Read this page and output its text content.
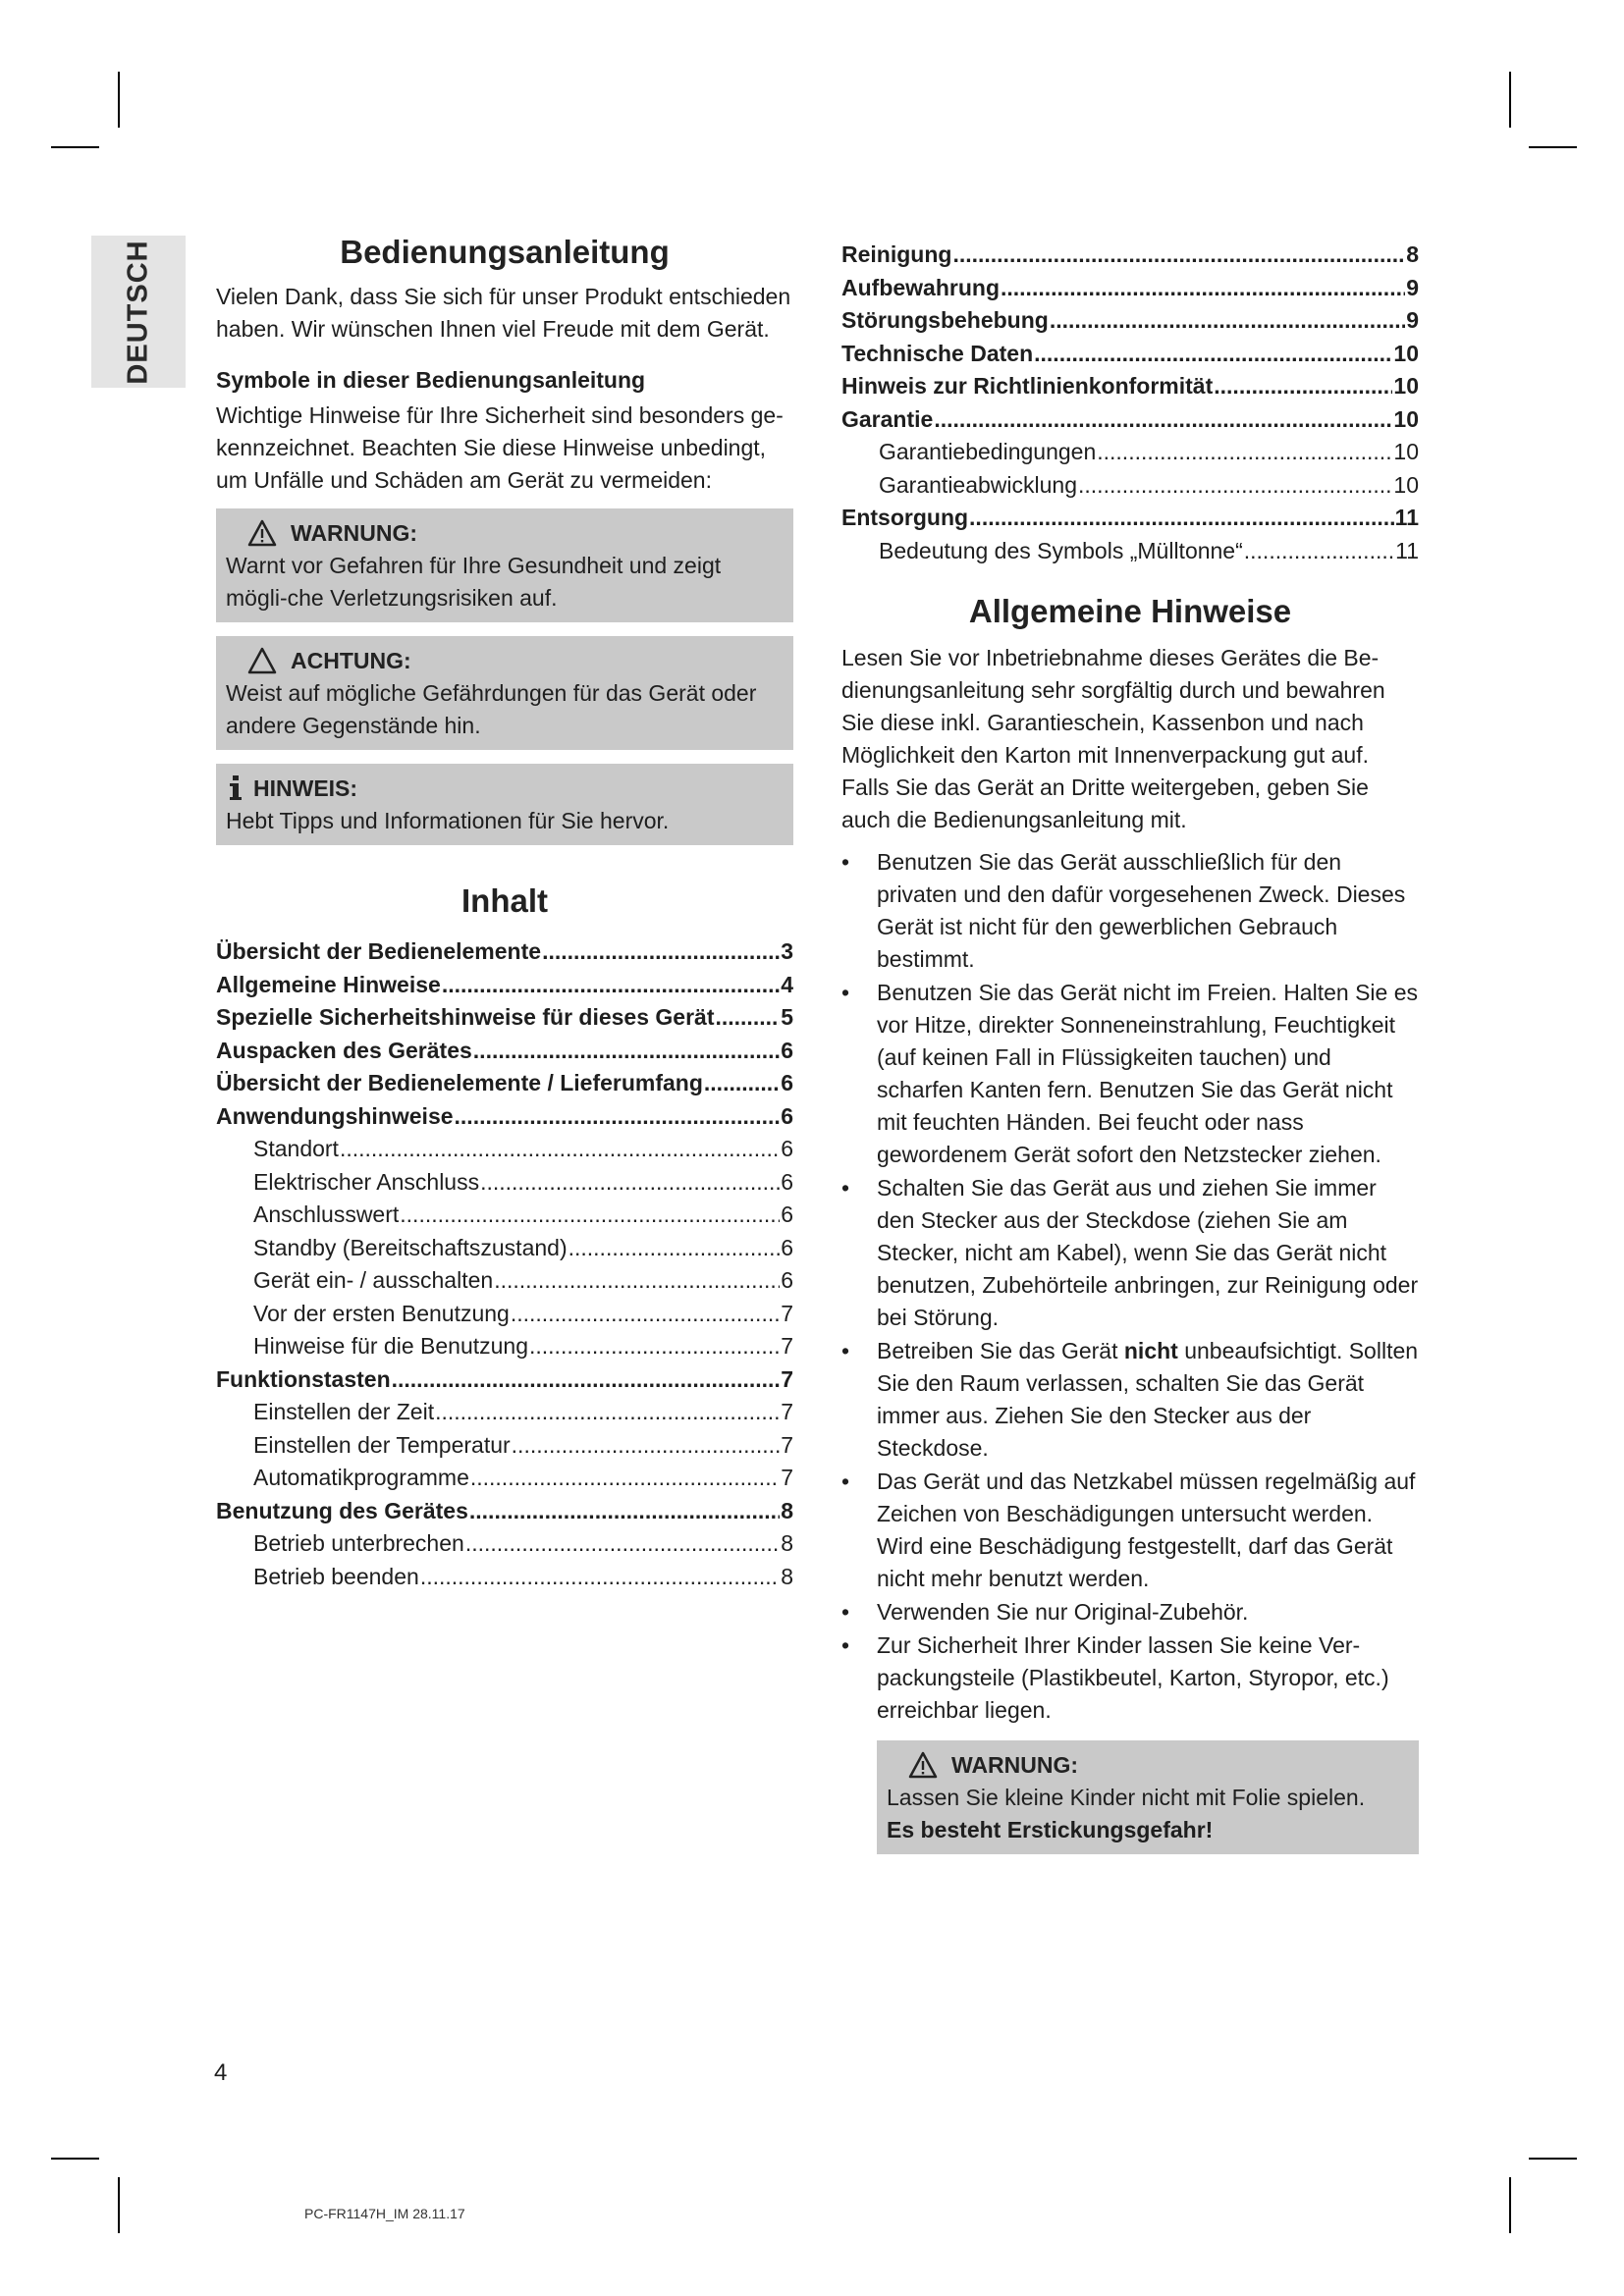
DEUTSCH	Bedienungsanleitung

Vielen Dank, dass Sie sich für unser Produkt entschieden haben. Wir wünschen Ihnen viel Freude mit dem Gerät.

Symbole in dieser Bedienungsanleitung

Wichtige Hinweise für Ihre Sicherheit sind besonders ge-kennzeichnet. Beachten Sie diese Hinweise unbedingt, um Unfälle und Schäden am Gerät zu vermeiden:

WARNUNG:
Warnt vor Gefahren für Ihre Gesundheit und zeigt mögli-che Verletzungsrisiken auf.
ACHTUNG:
Weist auf mögliche Gefährdungen für das Gerät oder andere Gegenstände hin.
HINWEIS:
Hebt Tipps und Informationen für Sie hervor.
Inhalt
Übersicht der Bedienelemente .....	3
Allgemeine Hinweise .....	4
Spezielle Sicherheitshinweise für dieses Gerät .....	5
Auspacken des Gerätes .....	6
Übersicht der Bedienelemente / Lieferumfang .....	6
Anwendungshinweise .....	6
Standort .....	6
Elektrischer Anschluss .....	6
Anschlusswert .....	6
Standby (Bereitschaftszustand) .....	6
Gerät ein- / ausschalten .....	6
Vor der ersten Benutzung .....	7
Hinweise für die Benutzung .....	7
Funktionstasten .....	7
Einstellen der Zeit .....	7
Einstellen der Temperatur .....	7
Automatikprogramme .....	7
Benutzung des Gerätes .....	8
Betrieb unterbrechen .....	8
Betrieb beenden .....	8
Reinigung .....	8
Aufbewahrung .....	9
Störungsbehebung .....	9
Technische Daten .....	10
Hinweis zur Richtlinienkonformität .....	10
Garantie .....	10
Garantiebedingungen .....	10
Garantieabwicklung .....	10
Entsorgung .....	11
Bedeutung des Symbols „Mülltonne“ .....	11
Allgemeine Hinweise

Lesen Sie vor Inbetriebnahme dieses Gerätes die Be-dienungsanleitung sehr sorgfältig durch und bewahren Sie diese inkl. Garantieschein, Kassenbon und nach Möglichkeit den Karton mit Innenverpackung gut auf. Falls Sie das Gerät an Dritte weitergeben, geben Sie auch die Bedienungsanleitung mit.

•	Benutzen Sie das Gerät ausschließlich für den privaten und den dafür vorgesehenen Zweck. Dieses Gerät ist nicht für den gewerblichen Gebrauch bestimmt.
•	Benutzen Sie das Gerät nicht im Freien. Halten Sie es vor Hitze, direkter Sonneneinstrahlung, Feuchtigkeit (auf keinen Fall in Flüssigkeiten tauchen) und scharfen Kanten fern. Benutzen Sie das Gerät nicht mit feuchten Händen. Bei feucht oder nass gewordenem Gerät sofort den Netzstecker ziehen.
•	Schalten Sie das Gerät aus und ziehen Sie immer den Stecker aus der Steckdose (ziehen Sie am Stecker, nicht am Kabel), wenn Sie das Gerät nicht benutzen, Zubehörteile anbringen, zur Reinigung oder bei Störung.
•	Betreiben Sie das Gerät nicht unbeaufsichtigt. Sollten Sie den Raum verlassen, schalten Sie das Gerät immer aus. Ziehen Sie den Stecker aus der Steckdose.
•	Das Gerät und das Netzkabel müssen regelmäßig auf Zeichen von Beschädigungen untersucht werden. Wird eine Beschädigung festgestellt, darf das Gerät nicht mehr benutzt werden.
•	Verwenden Sie nur Original-Zubehör.
•	Zur Sicherheit Ihrer Kinder lassen Sie keine Ver-packungsteile (Plastikbeutel, Karton, Styropor, etc.) erreichbar liegen.
WARNUNG:
Lassen Sie kleine Kinder nicht mit Folie spielen.
Es besteht Erstickungsgefahr!
4
PC-FR1147H_IM 28.11.17
